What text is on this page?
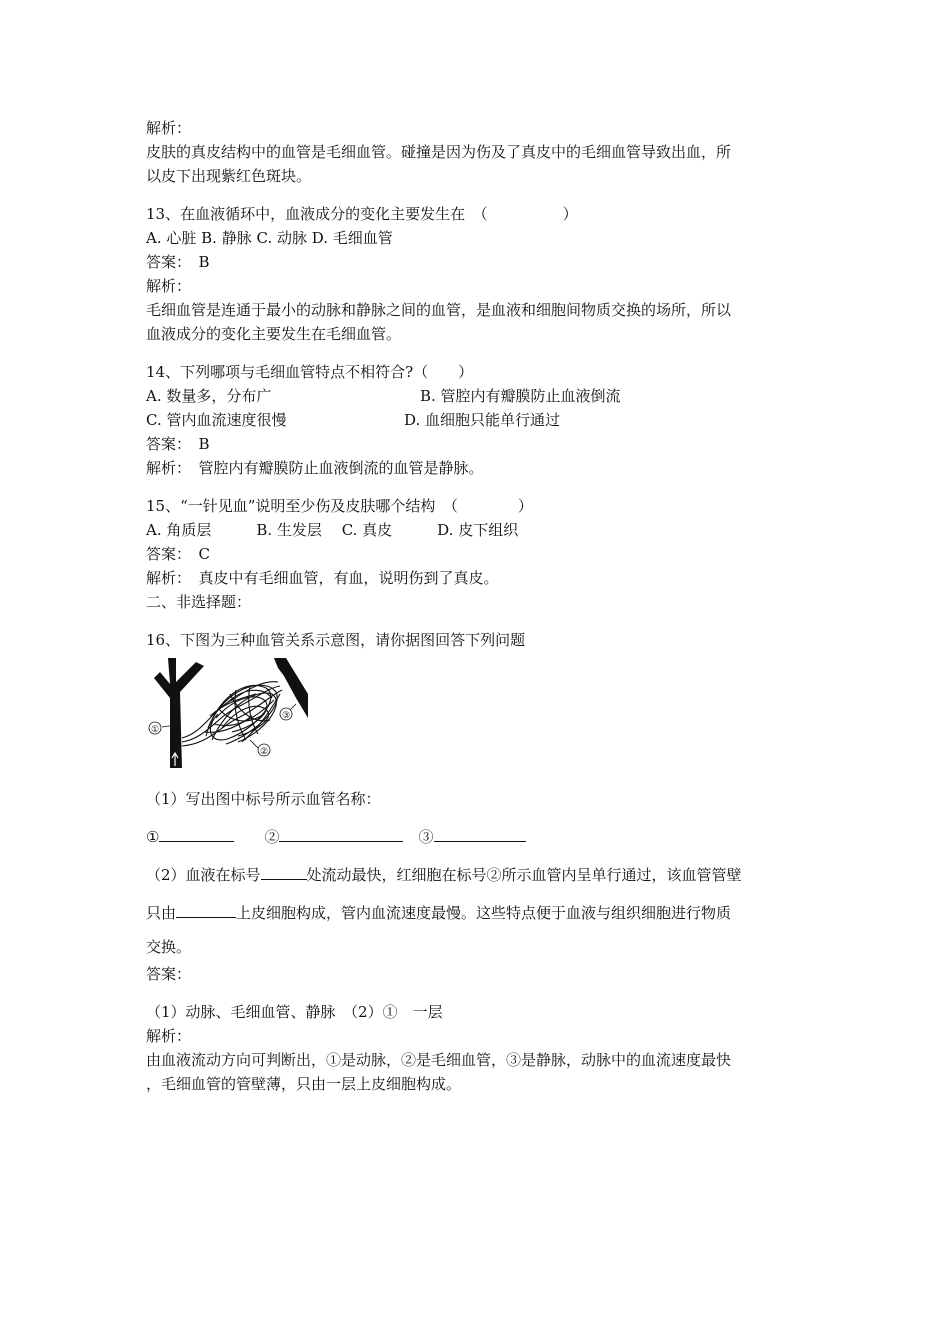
解析：
皮肤的真皮结构中的血管是毛细血管。碰撞是因为伤及了真皮中的毛细血管导致出血，所
以皮下出现紫红色斑块。
13、在血液循环中，血液成分的变化主要发生在　（　　　　　）
A. 心脏 B. 静脉 C. 动脉 D. 毛细血管
答案：　B
解析：
毛细血管是连通于最小的动脉和静脉之间的血管，是血液和细胞间物质交换的场所，所以
血液成分的变化主要发生在毛细血管。
14、下列哪项与毛细血管特点不相符合?（　　）
A. 数量多，分布广	B. 管腔内有瓣膜防止血液倒流
C. 管内血流速度很慢	D. 血细胞只能单行通过
答案：　B
解析：　管腔内有瓣膜防止血液倒流的血管是静脉。
15、“一针见血”说明至少伤及皮肤哪个结构　（　　　　）
A. 角质层　　　B. 生发层　 C. 真皮　　　D. 皮下组织
答案：　C
解析：　真皮中有毛细血管，有血，说明伤到了真皮。
二、非选择题：
16、下图为三种血管关系示意图，请你据图回答下列问题
①
②
③
（1）写出图中标号所示血管名称：
①　　	②　	③
（2）血液在标号	处流动最快，红细胞在标号②所示血管内呈单行通过，该血管管壁
只由	上皮细胞构成，管内血流速度最慢。这些特点便于血液与组织细胞进行物质
交换。
答案：
（1）动脉、毛细血管、静脉　（2）①　一层
解析：
由血液流动方向可判断出，①是动脉，②是毛细血管，③是静脉，动脉中的血流速度最快
，毛细血管的管壁薄，只由一层上皮细胞构成。
